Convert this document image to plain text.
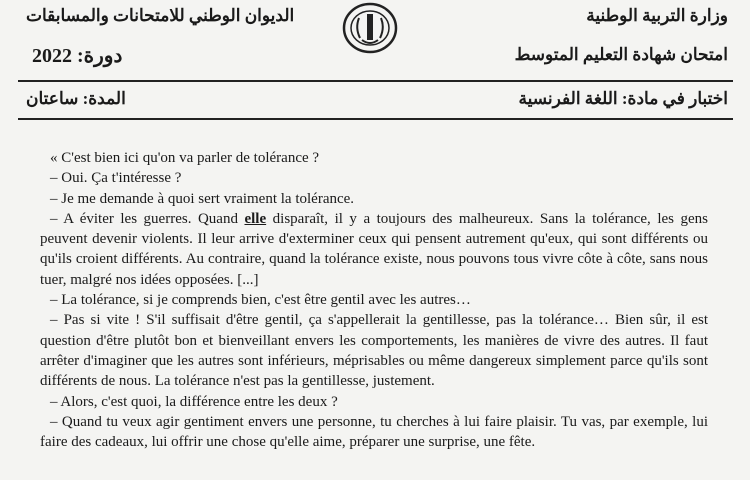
وزارة التربية الوطنية
الديوان الوطني للامتحانات والمسابقات
امتحان شهادة التعليم المتوسط
دورة: 2022
اختبار في مادة: اللغة الفرنسية
المدة: ساعتان

« C'est bien ici qu'on va parler de tolérance ?

– Oui. Ça t'intéresse ?

– Je me demande à quoi sert vraiment la tolérance.

– A éviter les guerres. Quand elle disparaît, il y a toujours des malheureux. Sans la tolérance, les gens peuvent devenir violents. Il leur arrive d'exterminer ceux qui pensent autrement qu'eux, qui sont différents ou qu'ils croient différents. Au contraire, quand la tolérance existe, nous pouvons tous vivre côte à côte, sans nous tuer, malgré nos idées opposées. [...]

– La tolérance, si je comprends bien, c'est être gentil avec les autres…

– Pas si vite ! S'il suffisait d'être gentil, ça s'appellerait la gentillesse, pas la tolérance… Bien sûr, il est question d'être plutôt bon et bienveillant envers les comportements, les manières de vivre des autres. Il faut arrêter d'imaginer que les autres sont inférieurs, méprisables ou même dangereux simplement parce qu'ils sont différents de nous. La tolérance n'est pas la gentillesse, justement.

– Alors, c'est quoi, la différence entre les deux ?

– Quand tu veux agir gentiment envers une personne, tu cherches à lui faire plaisir. Tu vas, par exemple, lui faire des cadeaux, lui offrir une chose qu'elle aime, préparer une surprise, une fête.
